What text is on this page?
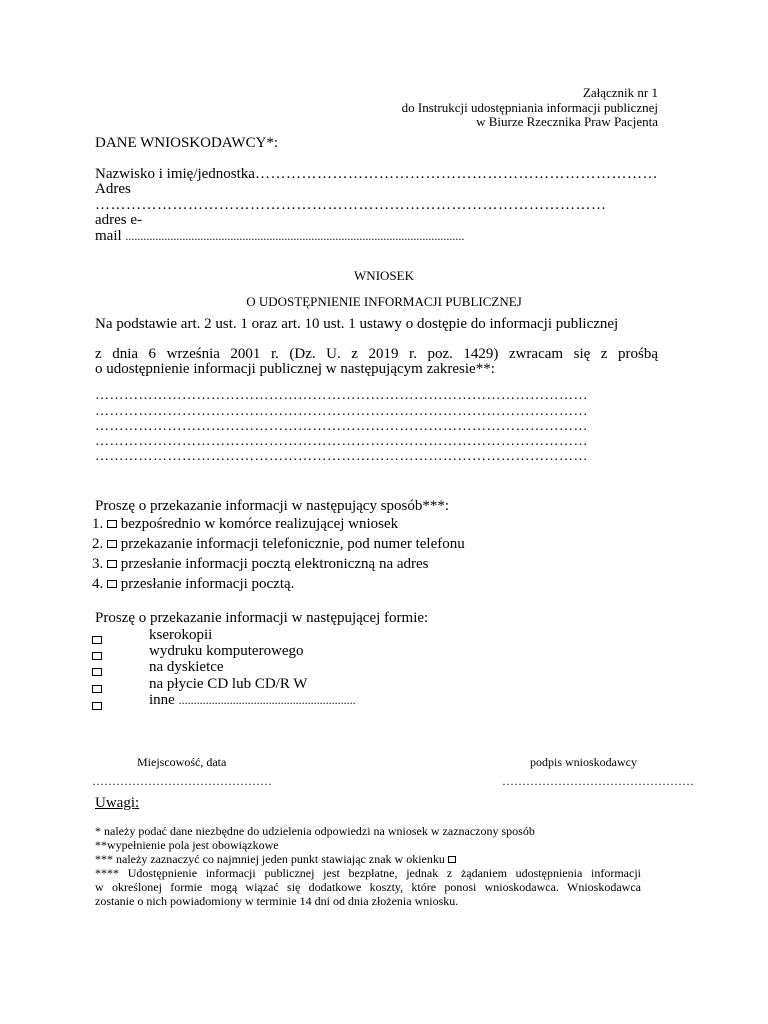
Załącznik nr 1
do Instrukcji udostępniania informacji publicznej
w Biurze Rzecznika Praw Pacjenta
DANE WNIOSKODAWCY*:
Nazwisko i imię/jednostka……………………………………………………………………
Adres
………………………………………………………………………………………
adres e-
mail .................................................................................................................
WNIOSEK
O UDOSTĘPNIENIE INFORMACJI PUBLICZNEJ
Na podstawie art. 2 ust. 1 oraz art. 10 ust. 1 ustawy o dostępie do informacji publicznej
z dnia 6 września 2001 r. (Dz. U. z 2019 r. poz. 1429) zwracam się z prośbą
o udostępnienie informacji publicznej w następującym zakresie**:
…………………………………………………………………………………………
…………………………………………………………………………………………
…………………………………………………………………………………………
…………………………………………………………………………………………
…………………………………………………………………………………………
Proszę o przekazanie informacji w następujący sposób***:
1. bezpośrednio w komórce realizującej wniosek
2. przekazanie informacji telefonicznie, pod numer telefonu
3. przesłanie informacji pocztą elektroniczną na adres
4. przesłanie informacji pocztą.
Proszę o przekazanie informacji w następującej formie:
kserokopii
wydruku komputerowego
na dyskietce
na płycie CD lub CD/R W
inne ...........................................................
Miejscowość, data	podpis wnioskodawcy
………………………………………	…………………………………………
Uwagi:
* należy podać dane niezbędne do udzielenia odpowiedzi na wniosek w zaznaczony sposób
**wypełnienie pola jest obowiązkowe
*** należy zaznaczyć co najmniej jeden punkt stawiając znak w okienku
**** Udostępnienie informacji publicznej jest bezpłatne, jednak z żądaniem udostępnienia informacji
w określonej formie mogą wiązać się dodatkowe koszty, które ponosi wnioskodawca. Wnioskodawca
zostanie o nich powiadomiony w terminie 14 dni od dnia złożenia wniosku.
